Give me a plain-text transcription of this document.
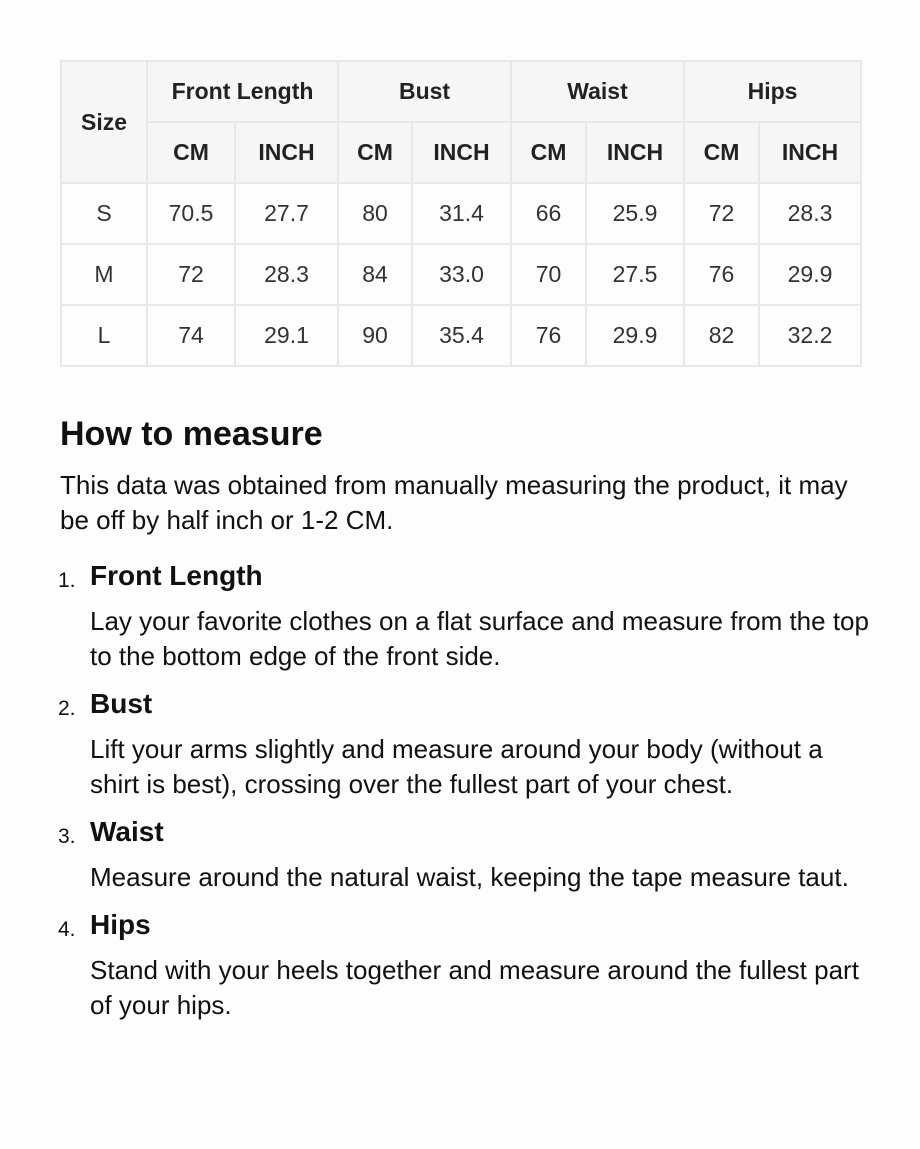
Size	Front Length		Bust		Waist		Hips	
	CM	INCH	CM	INCH	CM	INCH	CM	INCH
S	70.5	27.7	80	31.4	66	25.9	72	28.3
M	72	28.3	84	33.0	70	27.5	76	29.9
L	74	29.1	90	35.4	76	29.9	82	32.2
How to measure

This data was obtained from manually measuring the product, it may be off by half inch or 1-2 CM.

1. Front Length
Lay your favorite clothes on a flat surface and measure from the top to the bottom edge of the front side.
2. Bust
Lift your arms slightly and measure around your body (without a shirt is best), crossing over the fullest part of your chest.
3. Waist
Measure around the natural waist, keeping the tape measure taut.
4. Hips
Stand with your heels together and measure around the fullest part of your hips.
